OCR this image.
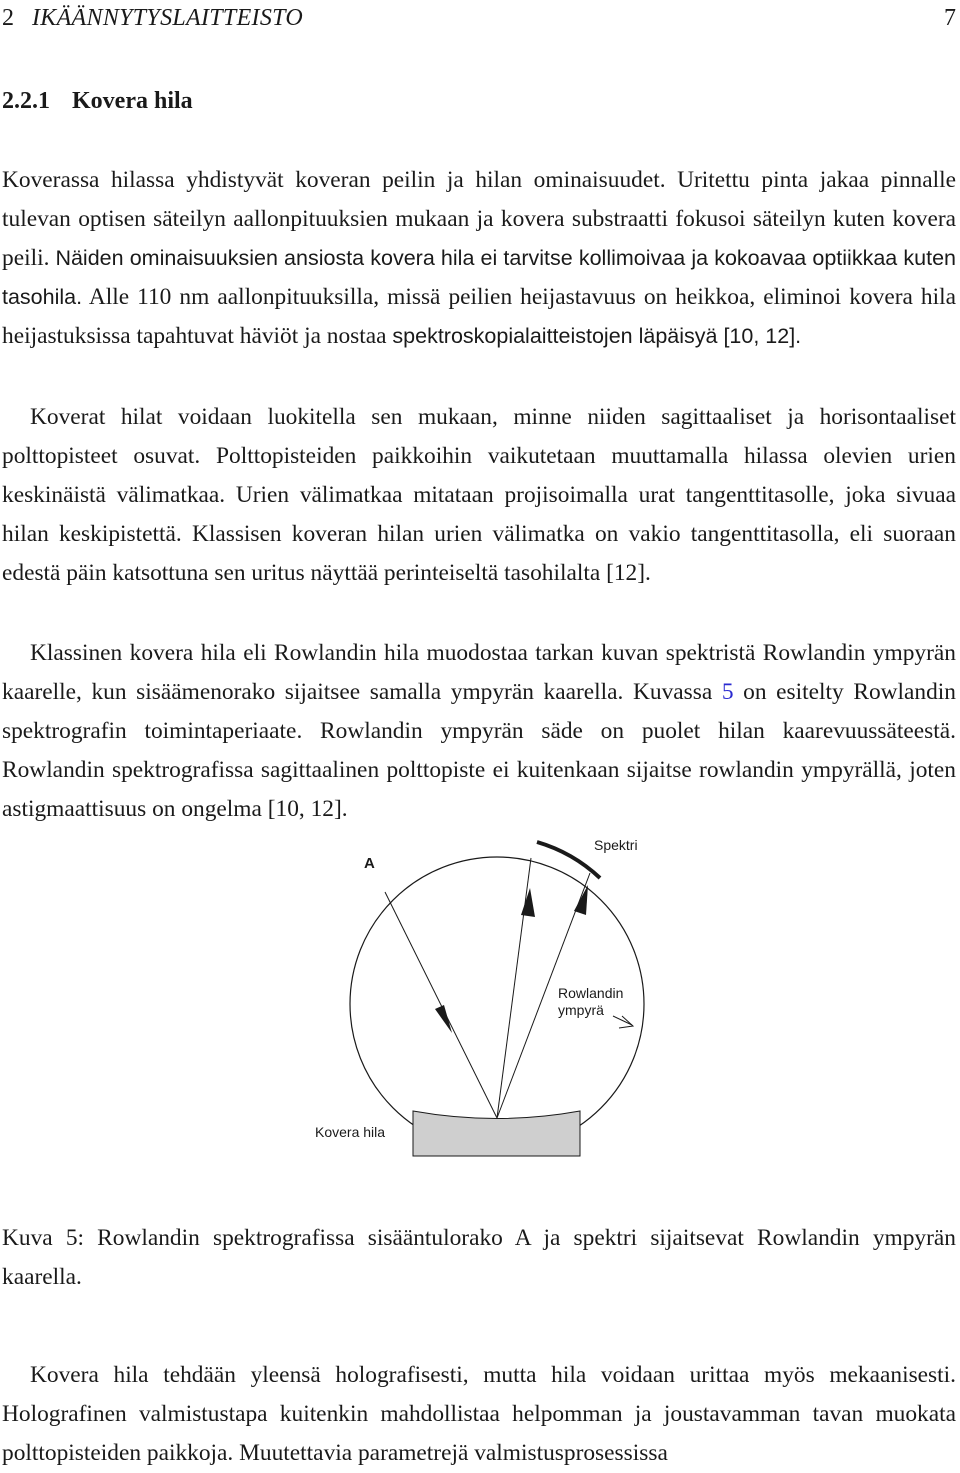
2 IKÄÄNNYTYSLAITTEISTO	7
2.2.1 Kovera hila

Koverassa hilassa yhdistyvät koveran peilin ja hilan ominaisuudet. Uritettu pinta jakaa pinnalle tulevan optisen säteilyn aallonpituuksien mukaan ja kovera substraatti fokusoi säteilyn kuten kovera peili. Näiden ominaisuuksien ansiosta kovera hila ei tarvitse kollimoivaa ja kokoavaa optiikkaa kuten tasohila. Alle 110 nm aallonpituuksilla, missä peilien heijastavuus on heikkoa, eliminoi kovera hila heijastuksissa tapahtuvat häviöt ja nostaa spektroskopialaitteistojen läpäisyä [10, 12].

Koverat hilat voidaan luokitella sen mukaan, minne niiden sagittaaliset ja horisontaaliset polttopisteet osuvat. Polttopisteiden paikkoihin vaikutetaan muuttamalla hilassa olevien urien keskinäistä välimatkaa. Urien välimatkaa mitataan projisoimalla urat tangenttitasolle, joka sivuaa hilan keskipistettä. Klassisen koveran hilan urien välimatka on vakio tangenttitasolla, eli suoraan edestä päin katsottuna sen uritus näyttää perinteiseltä tasohilalta [12].

Klassinen kovera hila eli Rowlandin hila muodostaa tarkan kuvan spektristä Rowlandin ympyrän kaarelle, kun sisäämenorako sijaitsee samalla ympyrän kaarella. Kuvassa 5 on esitelty Rowlandin spektrografin toimintaperiaate. Rowlandin ympyrän säde on puolet hilan kaarevuussäteestä. Rowlandin spektrografissa sagittaalinen polttopiste ei kuitenkaan sijaitse rowlandin ympyrällä, joten astigmaattisuus on ongelma [10, 12].

A
Spektri
Rowlandin
ympyrä
Kovera hila

Kuva 5: Rowlandin spektrografissa sisääntulorako A ja spektri sijaitsevat Rowlandin ympyrän kaarella.

Kovera hila tehdään yleensä holografisesti, mutta hila voidaan urittaa myös mekaanisesti. Holografinen valmistustapa kuitenkin mahdollistaa helpomman ja joustavamman tavan muokata polttopisteiden paikkoja. Muutettavia parametrejä valmistusprosessissa
